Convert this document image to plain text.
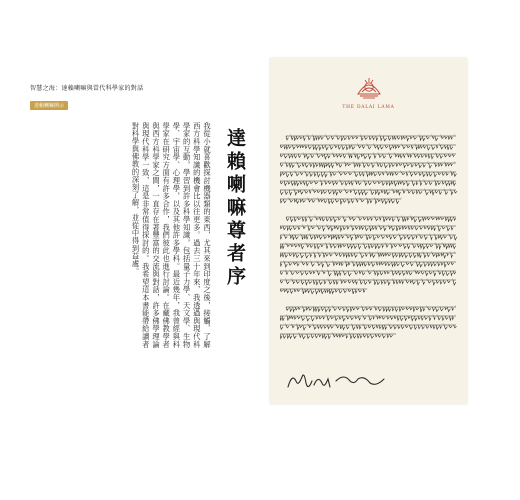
智慧之海：達賴喇嘛與當代科學家的對話
達賴喇嘛開示
我從小就喜歡探討機器類的東西，尤其來到印度之後，接觸、了解西方科學知識的機會比以往更多。過去三十年來，我透過與現代科學家的互動，學習到許多科學知識，包括量子力學、天文學、生物學、宇宙學、心理學，以及其他許多學科。最近幾年，我曾經與科學家在研究方面有許多合作，我們彼此也進行討論。在藏佛教學者與西方科學家之間，一直存在著豐富的交流與對話，許多佛學理論與現代科學一致，這是非常值得探討的。我希望這本書能帶給讀者對科學與佛教的深刻了解，並從中得到益處。	達賴喇嘛尊者序
THE DALAI LAMA
